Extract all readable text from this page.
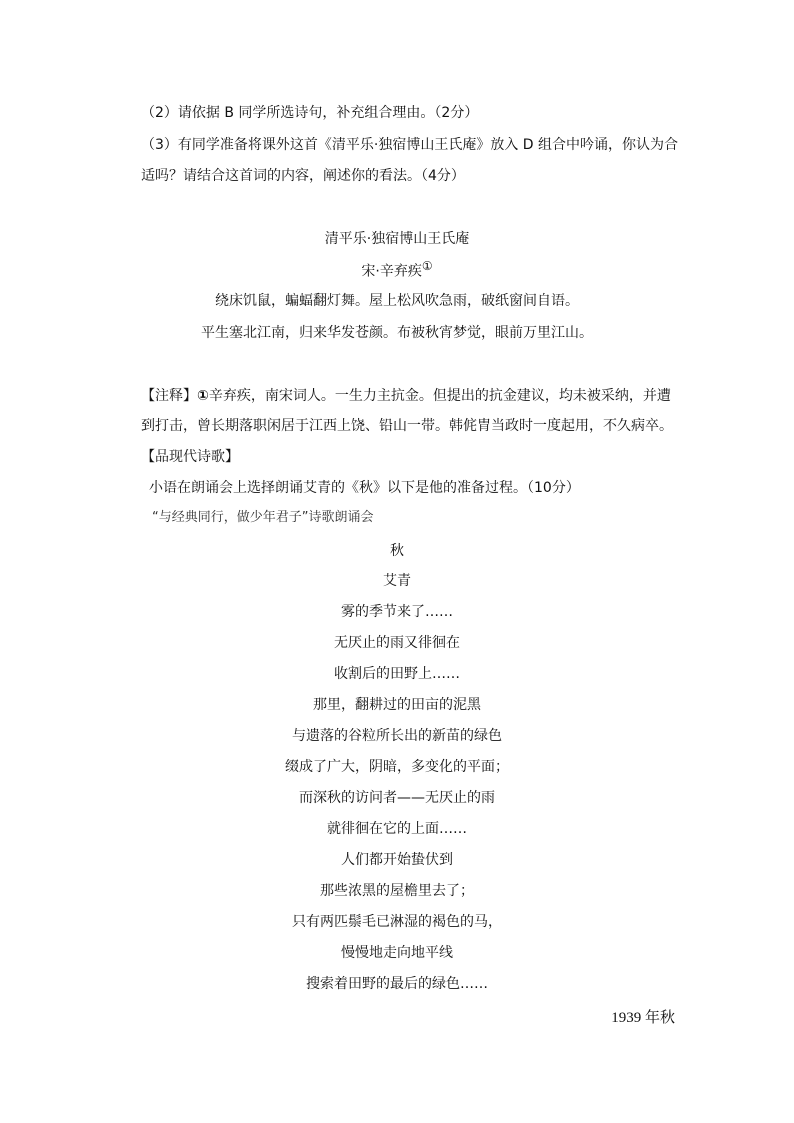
（2）请依据 B 同学所选诗句，补充组合理由。（2分）
（3）有同学准备将课外这首《清平乐·独宿博山王氏庵》放入 D 组合中吟诵，你认为合
适吗？请结合这首词的内容，阐述你的看法。（4分）
清平乐·独宿博山王氏庵
宋·辛弃疾①
绕床饥鼠，蝙蝠翻灯舞。屋上松风吹急雨，破纸窗间自语。
平生塞北江南，归来华发苍颜。布被秋宵梦觉，眼前万里江山。
【注释】①辛弃疾，南宋词人。一生力主抗金。但提出的抗金建议，均未被采纳，并遭
到打击，曾长期落职闲居于江西上饶、铅山一带。韩侂胄当政时一度起用，不久病卒。
【品现代诗歌】
小语在朗诵会上选择朗诵艾青的《秋》以下是他的准备过程。（10分）
“与经典同行，做少年君子”诗歌朗诵会
秋
艾青
雾的季节来了……
无厌止的雨又徘徊在
收割后的田野上……
那里，翻耕过的田亩的泥黑
与遗落的谷粒所长出的新苗的绿色
缀成了广大，阴暗，多变化的平面；
而深秋的访问者——无厌止的雨
就徘徊在它的上面……
人们都开始蛰伏到
那些浓黑的屋檐里去了；
只有两匹鬃毛已淋湿的褐色的马，
慢慢地走向地平线
搜索着田野的最后的绿色……
1939 年秋
